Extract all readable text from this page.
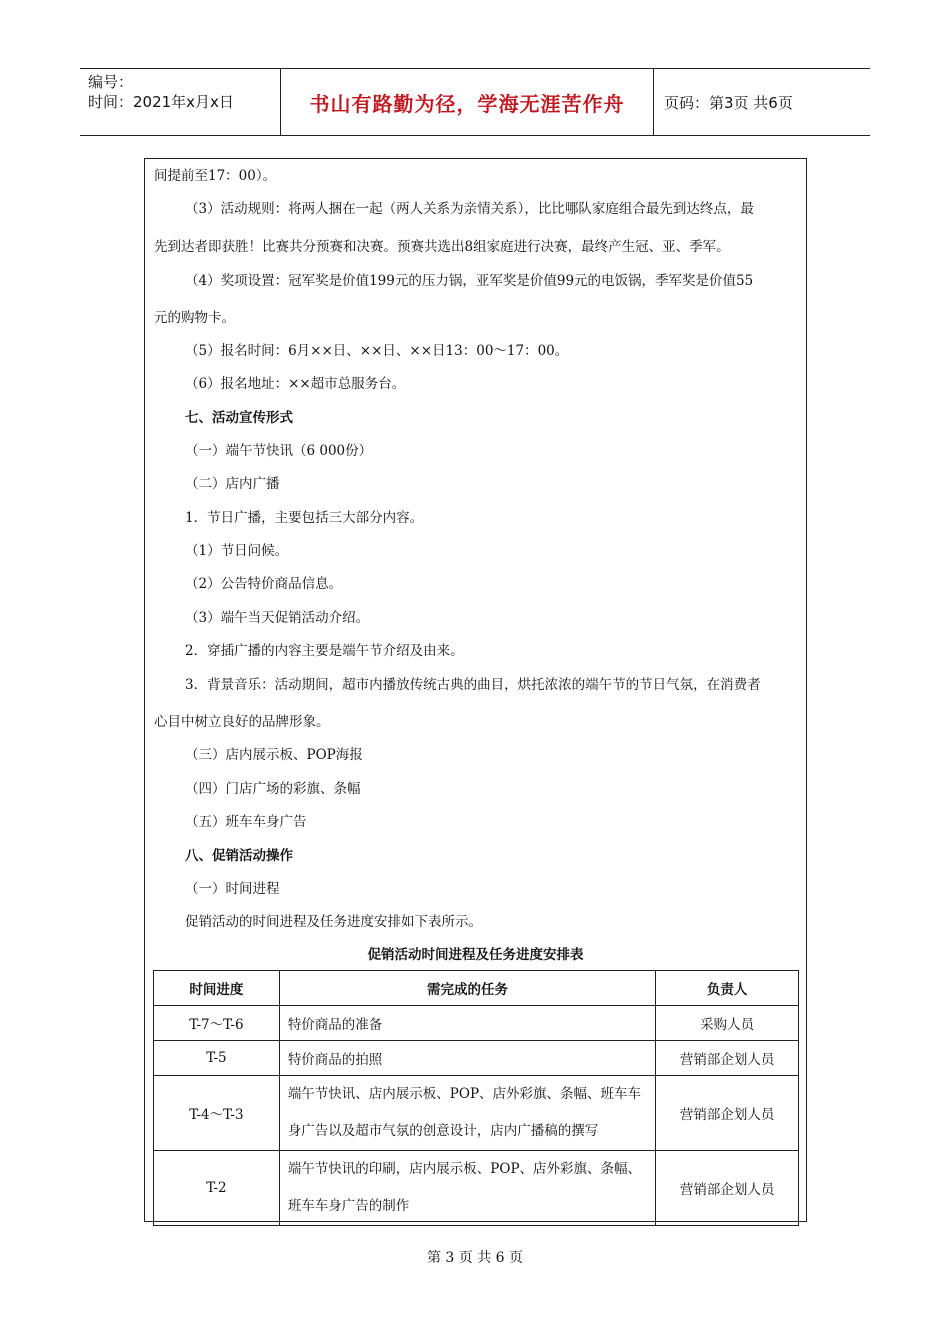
编号：
时间：2021年x月x日	书山有路勤为径，学海无涯苦作舟	页码：第3页 共6页
间提前至17：00）。
（3）活动规则：将两人捆在一起（两人关系为亲情关系），比比哪队家庭组合最先到达终点，最
先到达者即获胜！比赛共分预赛和决赛。预赛共选出8组家庭进行决赛，最终产生冠、亚、季军。
（4）奖项设置：冠军奖是价值199元的压力锅，亚军奖是价值99元的电饭锅，季军奖是价值55
元的购物卡。
（5）报名时间：6月××日、××日、××日13：00～17：00。
（6）报名地址：××超市总服务台。
七、活动宣传形式
（一）端午节快讯（6 000份）
（二）店内广播
1．节日广播，主要包括三大部分内容。
（1）节日问候。
（2）公告特价商品信息。
（3）端午当天促销活动介绍。
2．穿插广播的内容主要是端午节介绍及由来。
3．背景音乐：活动期间，超市内播放传统古典的曲目，烘托浓浓的端午节的节日气氛，在消费者
心目中树立良好的品牌形象。
（三）店内展示板、POP海报
（四）门店广场的彩旗、条幅
（五）班车车身广告
八、促销活动操作
（一）时间进程
促销活动的时间进程及任务进度安排如下表所示。
促销活动时间进程及任务进度安排表
时间进度	需完成的任务	负责人
T-7～T-6	特价商品的准备	采购人员
T-5	特价商品的拍照	营销部企划人员
T-4～T-3	端午节快讯、店内展示板、POP、店外彩旗、条幅、班车车身广告以及超市气氛的创意设计，店内广播稿的撰写	营销部企划人员
T-2	端午节快讯的印刷，店内展示板、POP、店外彩旗、条幅、班车车身广告的制作	营销部企划人员
第 3 页 共 6 页
